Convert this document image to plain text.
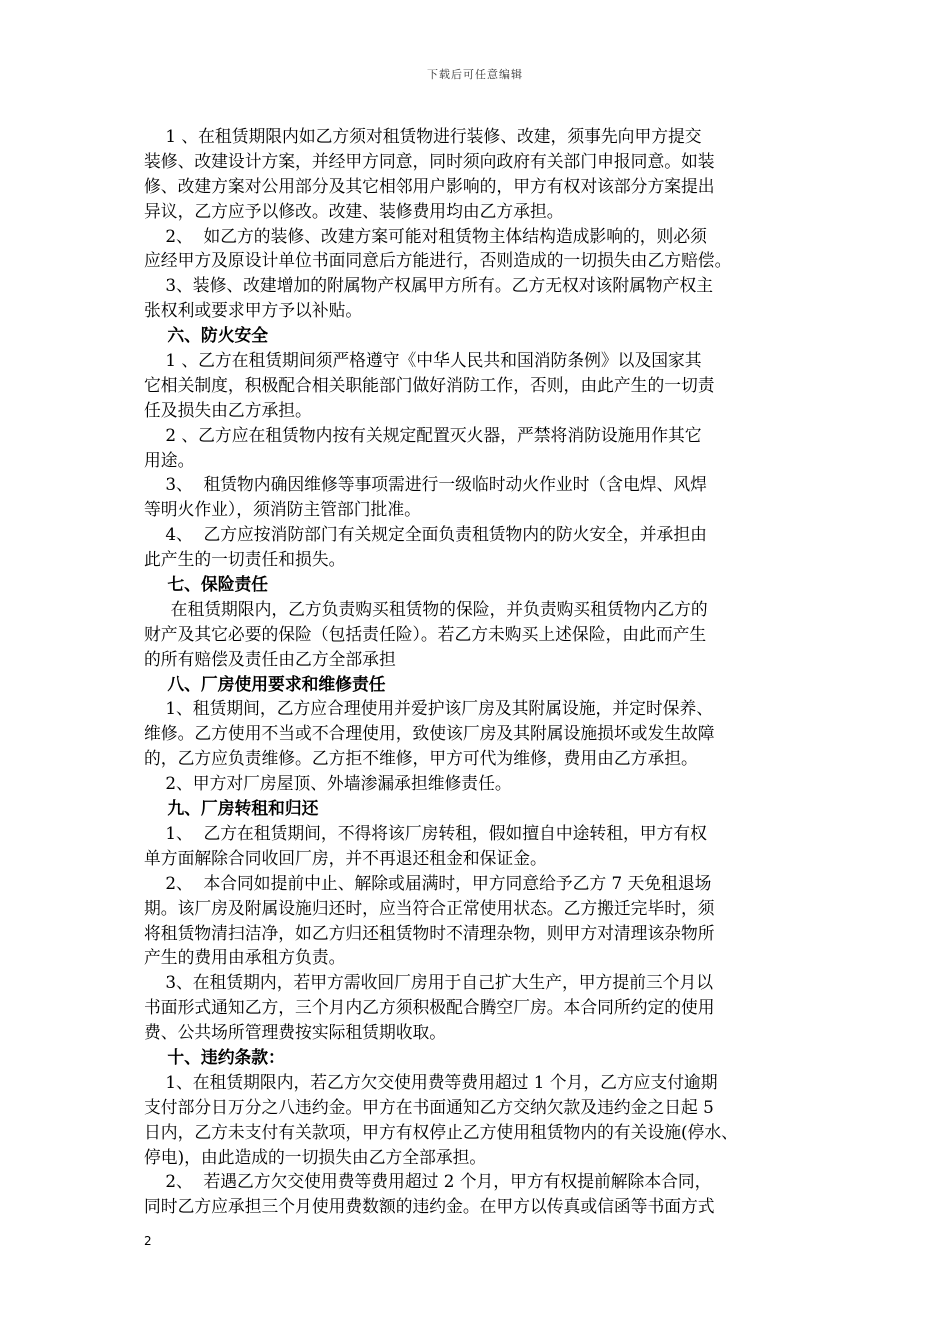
下载后可任意编辑
1 、在租赁期限内如乙方须对租赁物进行装修、改建，须事先向甲方提交
装修、改建设计方案，并经甲方同意，同时须向政府有关部门申报同意。如装
修、改建方案对公用部分及其它相邻用户影响的，甲方有权对该部分方案提出
异议，乙方应予以修改。改建、装修费用均由乙方承担。
2、  如乙方的装修、改建方案可能对租赁物主体结构造成影响的，则必须
应经甲方及原设计单位书面同意后方能进行，否则造成的一切损失由乙方赔偿。
3、装修、改建增加的附属物产权属甲方所有。乙方无权对该附属物产权主
张权利或要求甲方予以补贴。
六、防火安全
1 、乙方在租赁期间须严格遵守《中华人民共和国消防条例》以及国家其
它相关制度，积极配合相关职能部门做好消防工作，否则，由此产生的一切责
任及损失由乙方承担。
2 、乙方应在租赁物内按有关规定配置灭火器，严禁将消防设施用作其它
用途。
3、  租赁物内确因维修等事项需进行一级临时动火作业时（含电焊、风焊
等明火作业），须消防主管部门批准。
4、  乙方应按消防部门有关规定全面负责租赁物内的防火安全，并承担由
此产生的一切责任和损失。
七、保险责任
在租赁期限内，乙方负责购买租赁物的保险，并负责购买租赁物内乙方的
财产及其它必要的保险（包括责任险）。若乙方未购买上述保险，由此而产生
的所有赔偿及责任由乙方全部承担
八、厂房使用要求和维修责任
1、租赁期间，乙方应合理使用并爱护该厂房及其附属设施，并定时保养、
维修。乙方使用不当或不合理使用，致使该厂房及其附属设施损坏或发生故障
的，乙方应负责维修。乙方拒不维修，甲方可代为维修，费用由乙方承担。
2、甲方对厂房屋顶、外墙渗漏承担维修责任。
九、厂房转租和归还
1、  乙方在租赁期间，不得将该厂房转租，假如擅自中途转租，甲方有权
单方面解除合同收回厂房，并不再退还租金和保证金。
2、  本合同如提前中止、解除或届满时，甲方同意给予乙方 7 天免租退场
期。该厂房及附属设施归还时，应当符合正常使用状态。乙方搬迁完毕时，须
将租赁物清扫洁净，如乙方归还租赁物时不清理杂物，则甲方对清理该杂物所
产生的费用由承租方负责。
3、在租赁期内，若甲方需收回厂房用于自己扩大生产，甲方提前三个月以
书面形式通知乙方，三个月内乙方须积极配合腾空厂房。本合同所约定的使用
费、公共场所管理费按实际租赁期收取。
十、违约条款：
1、在租赁期限内，若乙方欠交使用费等费用超过 1 个月，乙方应支付逾期
支付部分日万分之八违约金。甲方在书面通知乙方交纳欠款及违约金之日起 5
日内，乙方未支付有关款项，甲方有权停止乙方使用租赁物内的有关设施(停水、
停电)，由此造成的一切损失由乙方全部承担。
2、  若遇乙方欠交使用费等费用超过 2 个月，甲方有权提前解除本合同，
同时乙方应承担三个月使用费数额的违约金。在甲方以传真或信函等书面方式
2
